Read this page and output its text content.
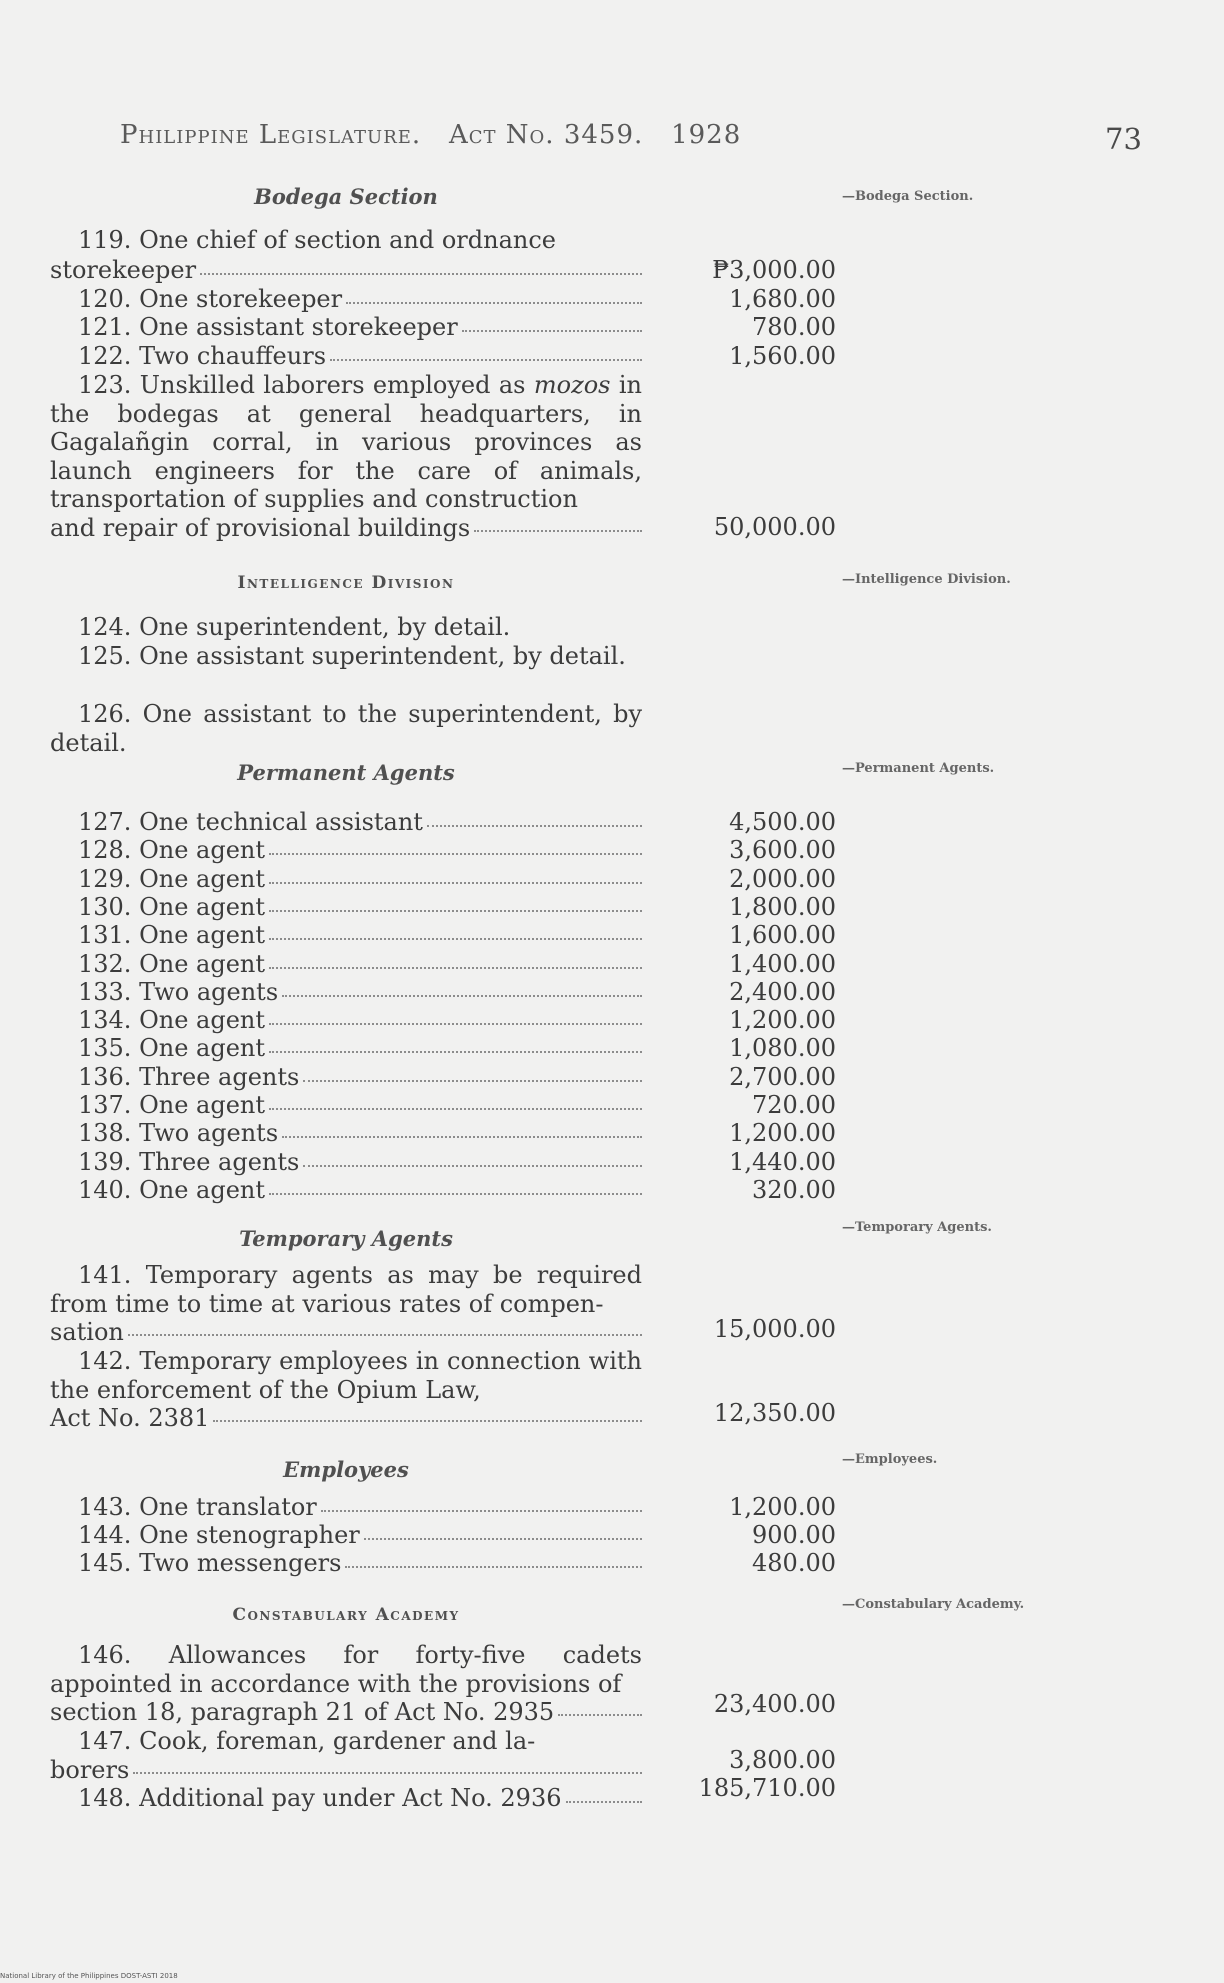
Philippine Legislature. Act No. 3459. 1928	73
Bodega Section	—Bodega Section.
119. One chief of section and ordnance
storekeeper	₱3,000.00
120. One storekeeper	1,680.00
121. One assistant storekeeper	780.00
122. Two chauffeurs	1,560.00
123. Unskilled laborers employed as mozos in the bodegas at general headquarters, in Gagalañgin corral, in various provinces as launch engineers for the care of animals, transportation of supplies and construction
and repair of provisional buildings	50,000.00
Intelligence Division	—Intelligence Division.
124. One superintendent, by detail.
125. One assistant superintendent, by detail.
126. One assistant to the superintendent, by detail.
Permanent Agents	—Permanent Agents.
127. One technical assistant	4,500.00
128. One agent	3,600.00
129. One agent	2,000.00
130. One agent	1,800.00
131. One agent	1,600.00
132. One agent	1,400.00
133. Two agents	2,400.00
134. One agent	1,200.00
135. One agent	1,080.00
136. Three agents	2,700.00
137. One agent	720.00
138. Two agents	1,200.00
139. Three agents	1,440.00
140. One agent	320.00
Temporary Agents	—Temporary Agents.
141. Temporary agents as may be required from time to time at various rates of compen-
sation	15,000.00
142. Temporary employees in connection with the enforcement of the Opium Law,
Act No. 2381	12,350.00
Employees	—Employees.
143. One translator	1,200.00
144. One stenographer	900.00
145. Two messengers	480.00
Constabulary Academy
—Constabulary Academy.
146. Allowances for forty-five cadets appointed in accordance with the provisions of
section 18, paragraph 21 of Act No. 2935	23,400.00
147. Cook, foreman, gardener and la-
borers	3,800.00
148. Additional pay under Act No. 2936	185,710.00
National Library of the Philippines DOST-ASTI 2018
